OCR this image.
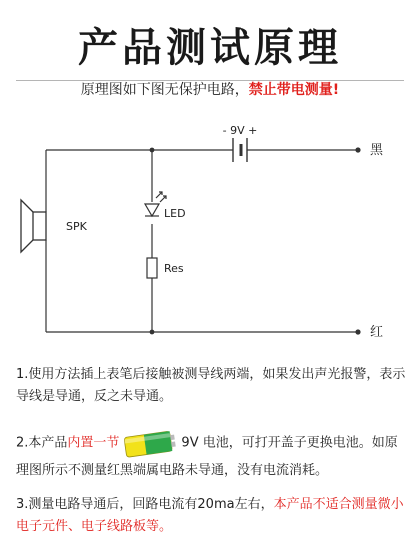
产品测试原理
原理图如下图无保护电路，禁止带电测量!
- 9V +
黑
红
SPK
LED
Res
1.使用方法插上表笔后接触被测导线两端，如果发出声光报警，表示导线是导通，反之未导通。
2.本产品内置一节	9V 电池，可打开盖子更换电池。如原理图所示不测量红黑端属电路未导通，没有电流消耗。
3.测量电路导通后，回路电流有20ma左右，本产品不适合测量微小电子元件、电子线路板等。
